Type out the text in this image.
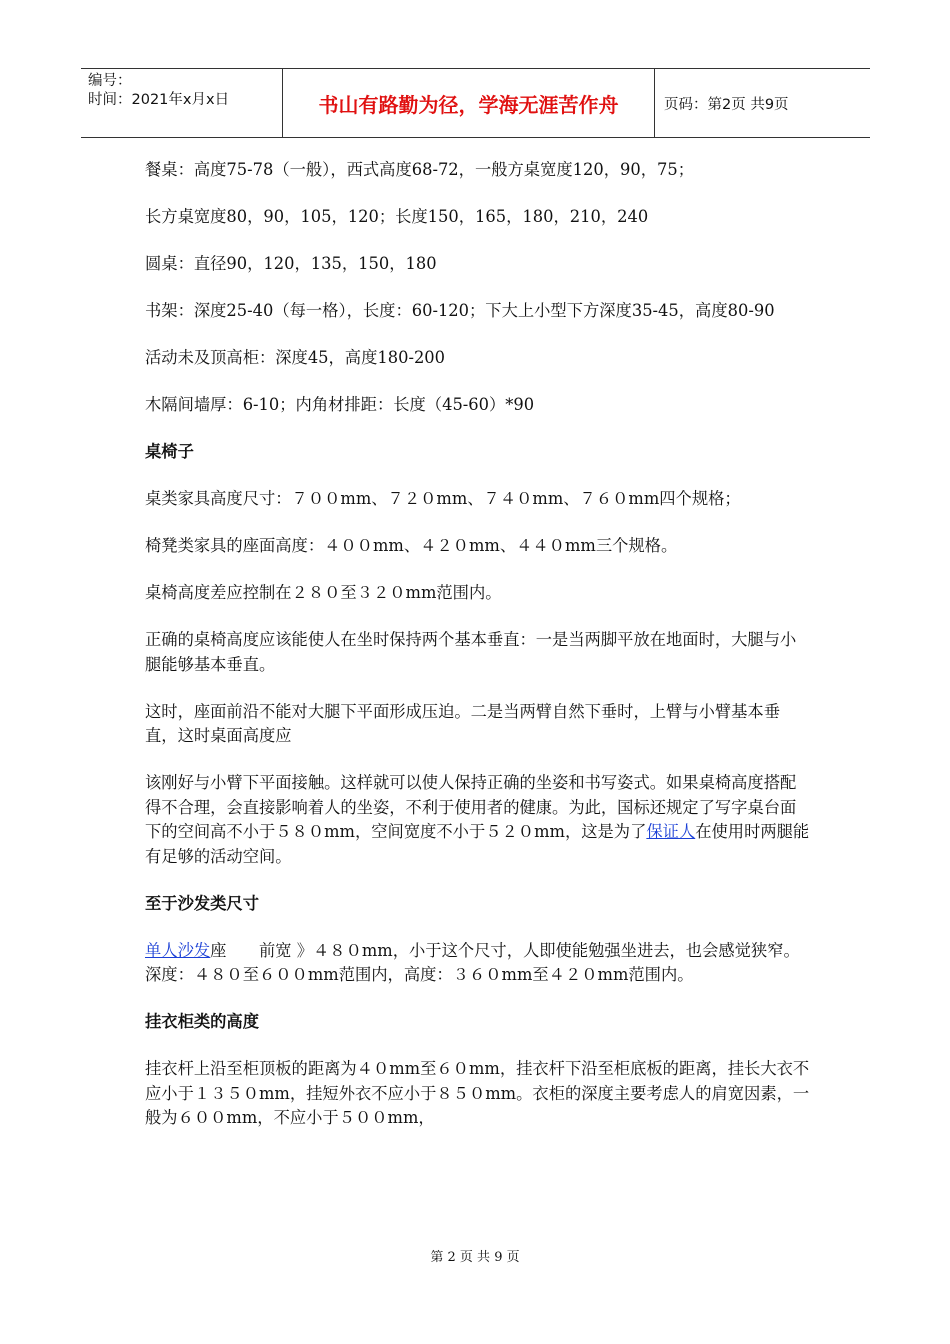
编号：
时间：2021年x月x日	书山有路勤为径，学海无涯苦作舟	页码：第2页 共9页

餐桌：高度75-78（一般），西式高度68-72，一般方桌宽度120，90，75；

长方桌宽度80，90，105，120；长度150，165，180，210，240

圆桌：直径90，120，135，150，180

书架：深度25-40（每一格），长度：60-120；下大上小型下方深度35-45，高度80-90

活动未及顶高柜：深度45，高度180-200

木隔间墙厚：6-10；内角材排距：长度（45-60）*90

桌椅子

桌类家具高度尺寸：７００mm、７２０mm、７４０mm、７６０mm四个规格；

椅凳类家具的座面高度：４００mm、４２０mm、４４０mm三个规格。

桌椅高度差应控制在２８０至３２０mm范围内。

正确的桌椅高度应该能使人在坐时保持两个基本垂直：一是当两脚平放在地面时，大腿与小腿能够基本垂直。

这时，座面前沿不能对大腿下平面形成压迫。二是当两臂自然下垂时，上臂与小臂基本垂直，这时桌面高度应

该刚好与小臂下平面接触。这样就可以使人保持正确的坐姿和书写姿式。如果桌椅高度搭配得不合理，会直接影响着人的坐姿，不利于使用者的健康。为此，国标还规定了写字桌台面下的空间高不小于５８０mm，空间宽度不小于５２０mm，这是为了保证人在使用时两腿能有足够的活动空间。

至于沙发类尺寸

单人沙发座　　前宽 》４８０mm，小于这个尺寸，人即使能勉强坐进去，也会感觉狭窄。深度：４８０至６００mm范围内，高度：３６０mm至４２０mm范围内。

挂衣柜类的高度

挂衣杆上沿至柜顶板的距离为４０mm至６０mm，挂衣杆下沿至柜底板的距离，挂长大衣不应小于１３５０mm，挂短外衣不应小于８５０mm。衣柜的深度主要考虑人的肩宽因素，一般为６００mm，不应小于５００mm，

第 2 页 共 9 页
